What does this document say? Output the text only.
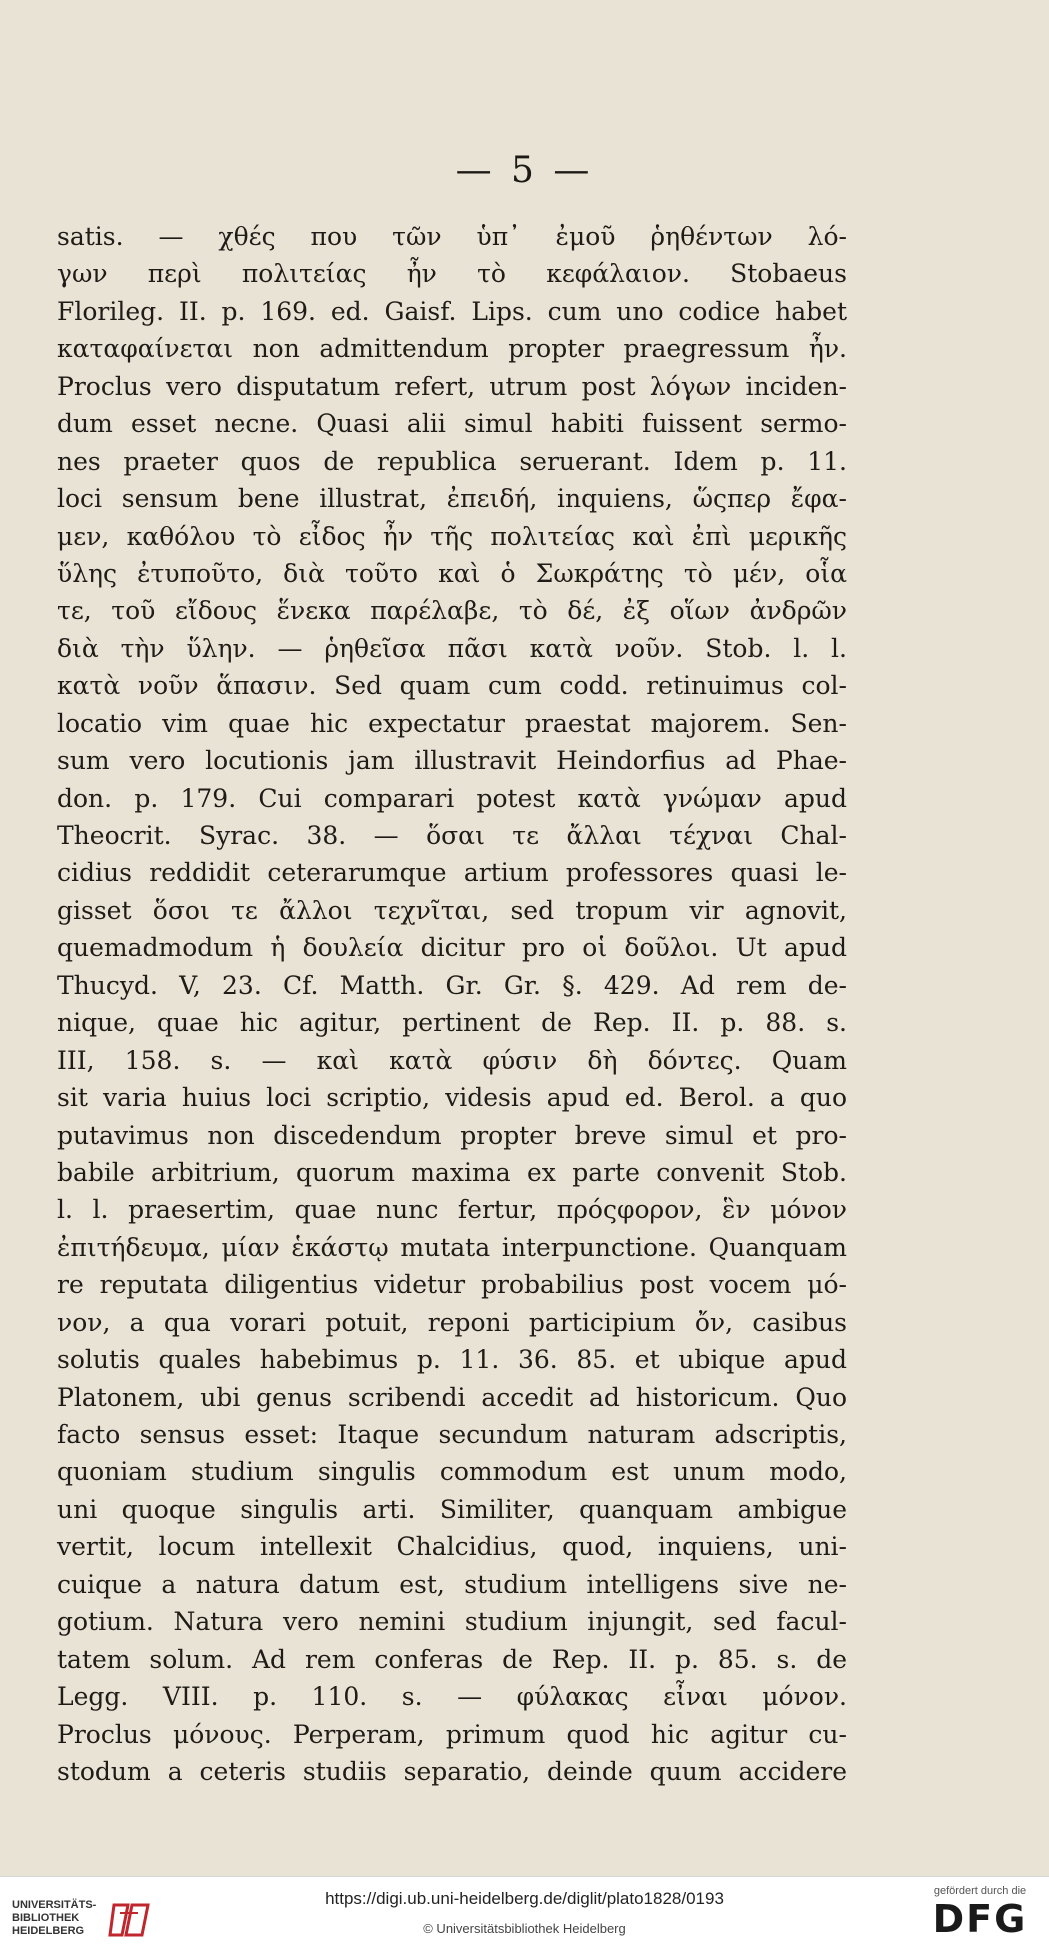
— 5 —
satis. — χθές που τῶν ὑπ᾽ ἐμοῦ ῥηθέντων λό-
γων περὶ πολιτείας ἦν τὸ κεφάλαιον. Stobaeus
Florileg. II. p. 169. ed. Gaisf. Lips. cum uno codice habet
καταφαίνεται non admittendum propter praegressum ἦν.
Proclus vero disputatum refert, utrum post λόγων inciden-
dum esset necne. Quasi alii simul habiti fuissent sermo-
nes praeter quos de republica seruerant. Idem p. 11.
loci sensum bene illustrat, ἐπειδή, inquiens, ὥςπερ ἔφα-
μεν, καθόλου τὸ εἶδος ἦν τῆς πολιτείας καὶ ἐπὶ μερικῆς
ὕλης ἐτυποῦτο, διὰ τοῦτο καὶ ὁ Σωκράτης τὸ μέν, οἷα
τε, τοῦ εἴδους ἕνεκα παρέλαβε, τὸ δέ, ἐξ οἵων ἀνδρῶν
διὰ τὴν ὕλην. — ῥηθεῖσα πᾶσι κατὰ νοῦν. Stob. l. l.
κατὰ νοῦν ἅπασιν. Sed quam cum codd. retinuimus col-
locatio vim quae hic expectatur praestat majorem. Sen-
sum vero locutionis jam illustravit Heindorfius ad Phae-
don. p. 179. Cui comparari potest κατὰ γνώμαν apud
Theocrit. Syrac. 38. — ὅσαι τε ἄλλαι τέχναι Chal-
cidius reddidit ceterarumque artium professores quasi le-
gisset ὅσοι τε ἄλλοι τεχνῖται, sed tropum vir agnovit,
quemadmodum ἡ δουλεία dicitur pro οἱ δοῦλοι. Ut apud
Thucyd. V, 23. Cf. Matth. Gr. Gr. §. 429. Ad rem de-
nique, quae hic agitur, pertinent de Rep. II. p. 88. s.
III, 158. s. — καὶ κατὰ φύσιν δὴ δόντες. Quam
sit varia huius loci scriptio, videsis apud ed. Berol. a quo
putavimus non discedendum propter breve simul et pro-
babile arbitrium, quorum maxima ex parte convenit Stob.
l. l. praesertim, quae nunc fertur, πρόςφορον, ἓν μόνον
ἐπιτήδευμα, μίαν ἑκάστῳ mutata interpunctione. Quanquam
re reputata diligentius videtur probabilius post vocem μό-
νον, a qua vorari potuit, reponi participium ὄν, casibus
solutis quales habebimus p. 11. 36. 85. et ubique apud
Platonem, ubi genus scribendi accedit ad historicum. Quo
facto sensus esset: Itaque secundum naturam adscriptis,
quoniam studium singulis commodum est unum modo,
uni quoque singulis arti. Similiter, quanquam ambigue
vertit, locum intellexit Chalcidius, quod, inquiens, uni-
cuique a natura datum est, studium intelligens sive ne-
gotium. Natura vero nemini studium injungit, sed facul-
tatem solum. Ad rem conferas de Rep. II. p. 85. s. de
Legg. VIII. p. 110. s. — φύλακας εἶναι μόνον.
Proclus μόνους. Perperam, primum quod hic agitur cu-
stodum a ceteris studiis separatio, deinde quum accidere
UNIVERSITÄTS-
BIBLIOTHEK
HEIDELBERG
https://digi.ub.uni-heidelberg.de/diglit/plato1828/0193
© Universitätsbibliothek Heidelberg
gefördert durch die
DFG
